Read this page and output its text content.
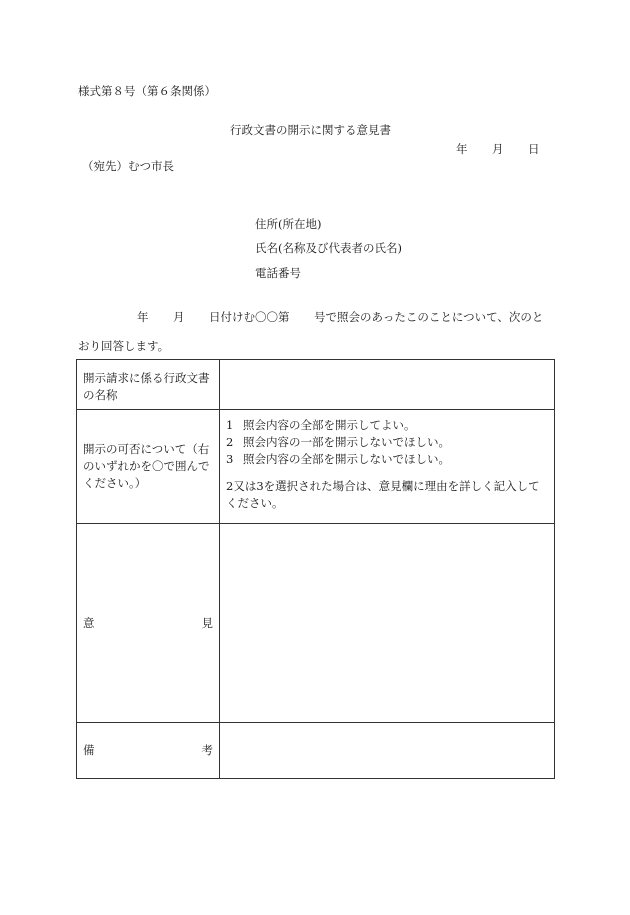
様式第８号（第６条関係）
行政文書の開示に関する意見書
年 月 日
（宛先）むつ市長
住所(所在地)
氏名(名称及び代表者の氏名)
電話番号
年 月 日付けむ〇〇第 号で照会のあったこのことについて、次のと
おり回答します。
開示請求に係る行政文書の名称	

開示の可否について（右のいずれかを〇で囲んでください。）	1 照会内容の全部を開示してよい。
2 照会内容の一部を開示しないでほしい。
3 照会内容の全部を開示しないでほしい。
2又は3を選択された場合は、意見欄に理由を詳しく記入してください。

意 見	

備 考	
